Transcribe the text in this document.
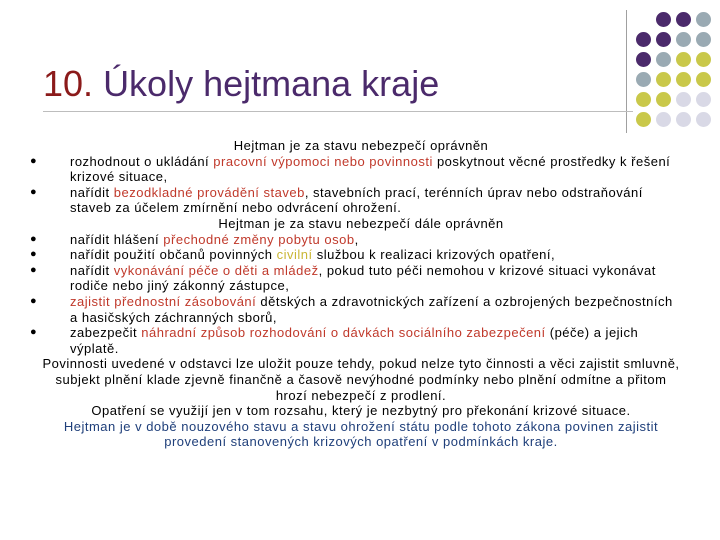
10. Úkoly hejtmana kraje

Hejtman je za stavu nebezpečí oprávněn

●	rozhodnout o ukládání pracovní výpomoci nebo povinnosti poskytnout věcné prostředky k řešení krizové situace,

●	nařídit bezodkladné provádění staveb, stavebních prací, terénních úprav nebo odstraňování staveb za účelem zmírnění nebo odvrácení ohrožení.

Hejtman je za stavu nebezpečí dále oprávněn

●	nařídit hlášení přechodné změny pobytu osob,

●	nařídit použití občanů povinných civilní službou k realizaci krizových opatření,

●	nařídit vykonávání péče o děti a mládež, pokud tuto péči nemohou v krizové situaci vykonávat rodiče nebo jiný zákonný zástupce,

●	zajistit přednostní zásobování dětských a zdravotnických zařízení a ozbrojených bezpečnostních a hasičských záchranných sborů,

●	zabezpečit náhradní způsob rozhodování o dávkách sociálního zabezpečení (péče) a jejich výplatě.

Povinnosti uvedené v odstavci lze uložit pouze tehdy, pokud nelze tyto činnosti a věci zajistit smluvně, subjekt plnění klade zjevně finančně a časově nevýhodné podmínky nebo plnění odmítne a přitom hrozí nebezpečí z prodlení.

Opatření se využijí jen v tom rozsahu, který je nezbytný pro překonání krizové situace.

Hejtman je v době nouzového stavu a stavu ohrožení státu podle tohoto zákona povinen zajistit provedení stanovených krizových opatření v podmínkách kraje.
